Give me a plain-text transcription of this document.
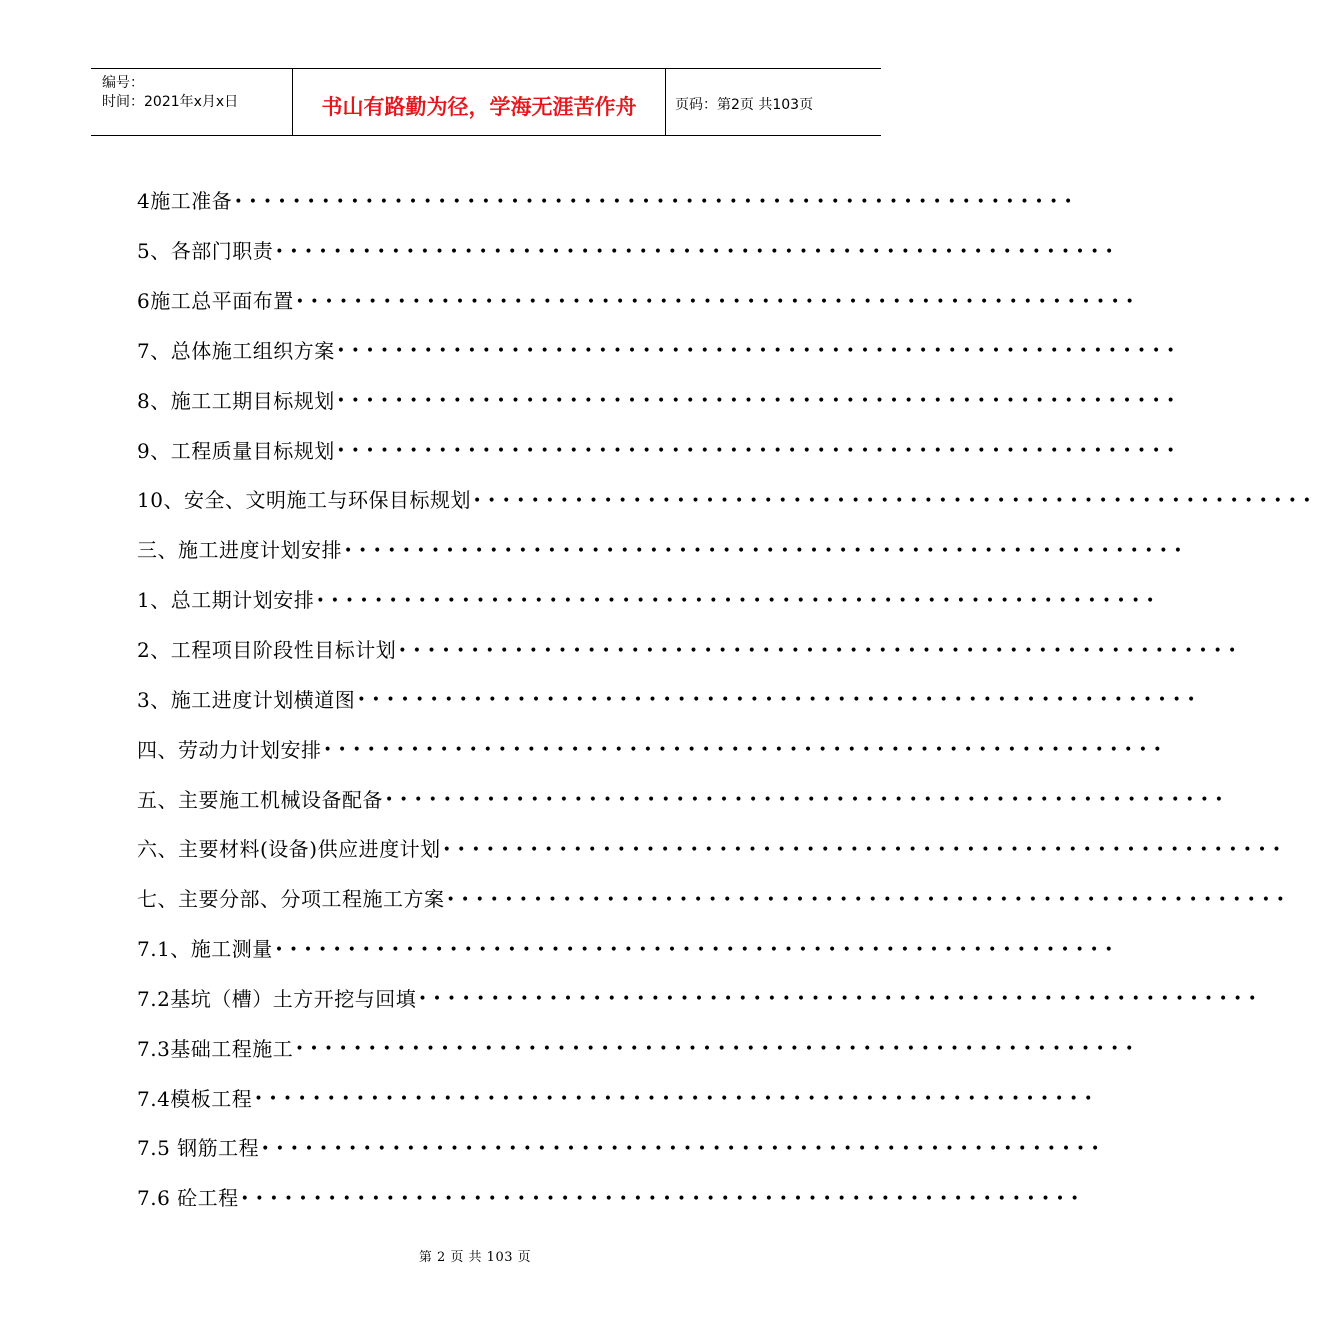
编号：
时间：2021年x月x日	书山有路勤为径，学海无涯苦作舟	页码：第2页 共103页
4施工准备 ••••••••••••••••••••••••••••••••••••••••••••••••••••••••••
5、各部门职责 ••••••••••••••••••••••••••••••••••••••••••••••••••••••••••
6施工总平面布置 ••••••••••••••••••••••••••••••••••••••••••••••••••••••••••
7、总体施工组织方案 ••••••••••••••••••••••••••••••••••••••••••••••••••••••••••
8、施工工期目标规划 ••••••••••••••••••••••••••••••••••••••••••••••••••••••••••
9、工程质量目标规划 ••••••••••••••••••••••••••••••••••••••••••••••••••••••••••
10、安全、文明施工与环保目标规划 ••••••••••••••••••••••••••••••••••••••••••••••••••••••••••
三、施工进度计划安排 ••••••••••••••••••••••••••••••••••••••••••••••••••••••••••
1、总工期计划安排 ••••••••••••••••••••••••••••••••••••••••••••••••••••••••••
2、工程项目阶段性目标计划 ••••••••••••••••••••••••••••••••••••••••••••••••••••••••••
3、施工进度计划横道图 ••••••••••••••••••••••••••••••••••••••••••••••••••••••••••
四、劳动力计划安排 ••••••••••••••••••••••••••••••••••••••••••••••••••••••••••
五、主要施工机械设备配备 ••••••••••••••••••••••••••••••••••••••••••••••••••••••••••
六、主要材料(设备)供应进度计划 ••••••••••••••••••••••••••••••••••••••••••••••••••••••••••
七、主要分部、分项工程施工方案 ••••••••••••••••••••••••••••••••••••••••••••••••••••••••••
7.1、施工测量 ••••••••••••••••••••••••••••••••••••••••••••••••••••••••••
7.2基坑（槽）土方开挖与回填 ••••••••••••••••••••••••••••••••••••••••••••••••••••••••••
7.3基础工程施工 ••••••••••••••••••••••••••••••••••••••••••••••••••••••••••
7.4模板工程 ••••••••••••••••••••••••••••••••••••••••••••••••••••••••••
7.5 钢筋工程 ••••••••••••••••••••••••••••••••••••••••••••••••••••••••••
7.6 砼工程 ••••••••••••••••••••••••••••••••••••••••••••••••••••••••••
第 2 页 共 103 页
